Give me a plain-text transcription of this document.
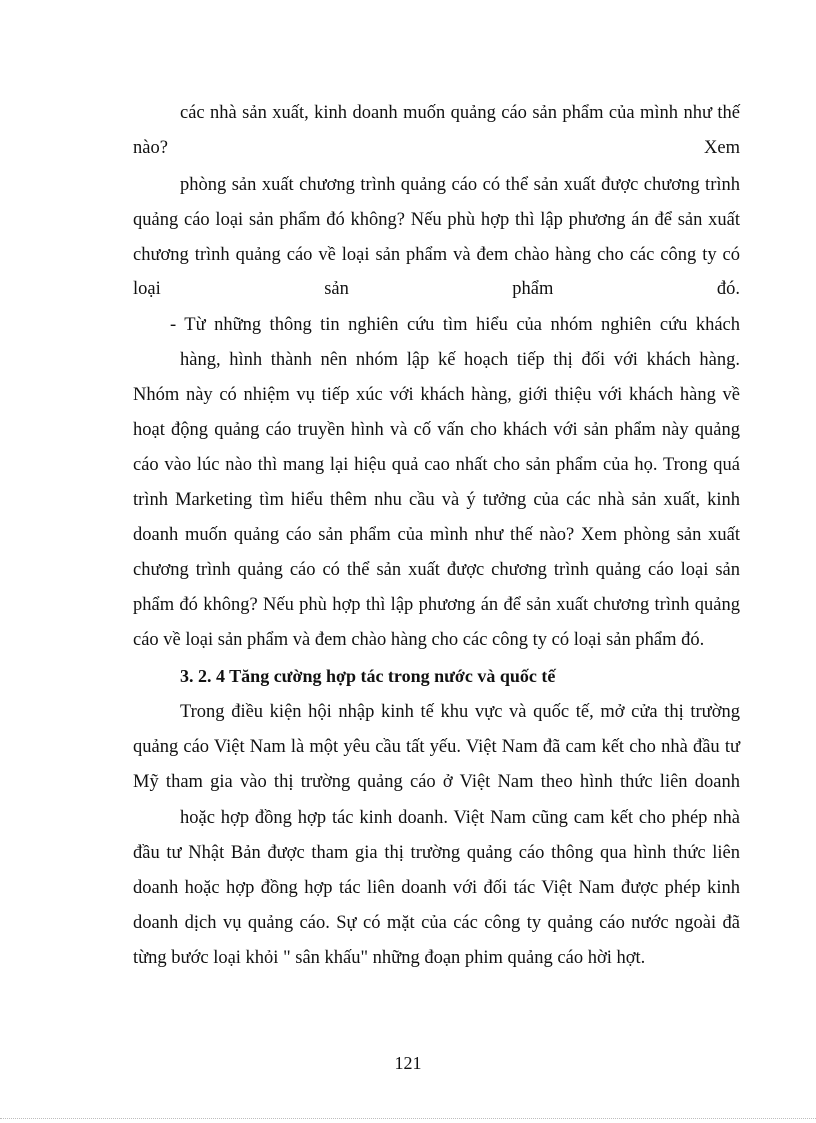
các nhà sản xuất, kinh doanh muốn quảng cáo sản phẩm của mình như thế
nào?	Xem
phòng sản xuất chương trình quảng cáo có thể sản xuất được chương trình
quảng cáo loại sản phẩm đó không? Nếu phù hợp thì lập phương án để sản xuất
chương trình quảng cáo về loại sản phẩm và đem chào hàng cho các công ty có
loại	sản	phẩm	đó.
- Từ những thông tin nghiên cứu tìm hiểu của nhóm nghiên cứu khách
hàng, hình thành nên nhóm lập kế hoạch tiếp thị đối với khách hàng.
Nhóm này có nhiệm vụ tiếp xúc với khách hàng, giới thiệu với khách hàng về
hoạt động quảng cáo truyền hình và cố vấn cho khách với sản phẩm này quảng
cáo vào lúc nào thì mang lại hiệu quả cao nhất cho sản phẩm của họ. Trong quá
trình Marketing tìm hiểu thêm nhu cầu và ý tưởng của các nhà sản xuất, kinh
doanh muốn quảng cáo sản phẩm của mình như thế nào? Xem phòng sản xuất
chương trình quảng cáo có thể sản xuất được chương trình quảng cáo loại sản
phẩm đó không? Nếu phù hợp thì lập phương án để sản xuất chương trình quảng
cáo về loại sản phẩm và đem chào hàng cho các công ty có loại sản phẩm đó.
3. 2. 4 Tăng cường hợp tác trong nước và quốc tế
Trong điều kiện hội nhập kinh tế khu vực và quốc tế, mở cửa thị trường
quảng cáo Việt Nam là một yêu cầu tất yếu. Việt Nam đã cam kết cho nhà đầu tư
Mỹ tham gia vào thị trường quảng cáo ở Việt Nam theo hình thức liên doanh
hoặc hợp đồng hợp tác kinh doanh. Việt Nam cũng cam kết cho phép nhà
đầu tư Nhật Bản được tham gia thị trường quảng cáo thông qua hình thức liên
doanh hoặc hợp đồng hợp tác liên doanh với đối tác Việt Nam được phép kinh
doanh dịch vụ quảng cáo. Sự có mặt của các công ty quảng cáo nước ngoài đã
từng bước loại khỏi " sân khấu" những đoạn phim quảng cáo hời hợt.
121
